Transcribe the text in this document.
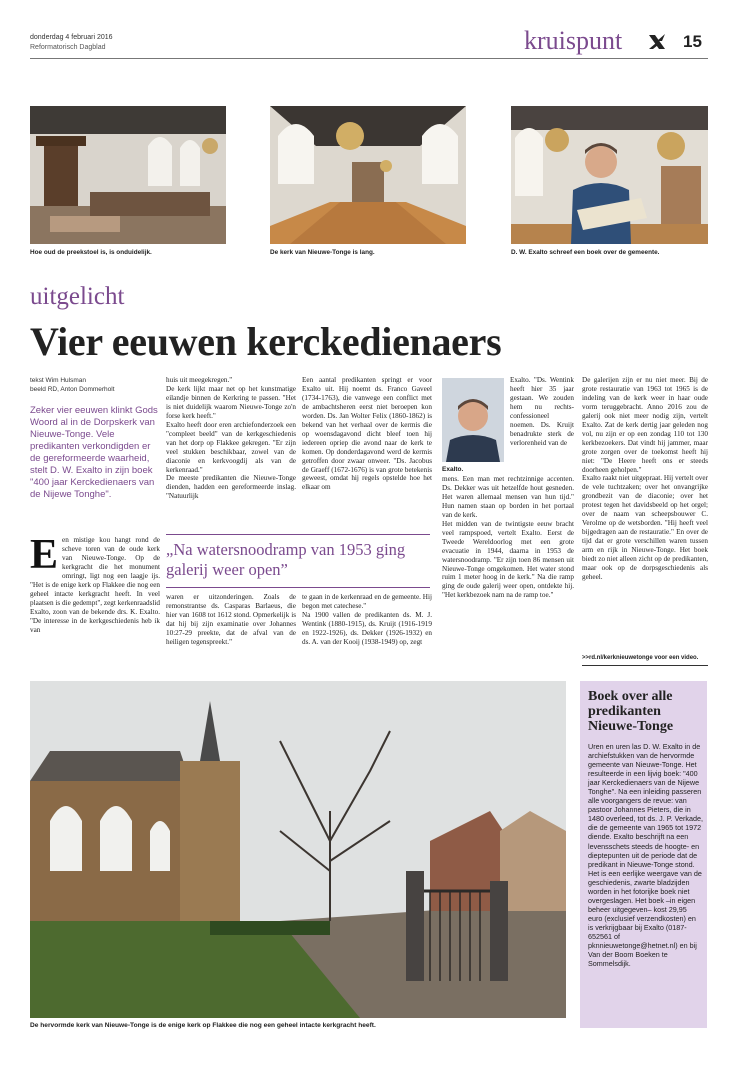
donderdag 4 februari 2016
Reformatorisch Dagblad	kruispunt	15
Hoe oud de preekstoel is, is onduidelijk.	De kerk van Nieuwe-Tonge is lang.	D. W. Exalto schreef een boek over de gemeente.
uitgelicht
Vier eeuwen kerckedienaers
tekst Wim Hulsman
beeld RD, Anton Dommerholt
Zeker vier eeuwen klinkt Gods Woord al in de Dorpskerk van Nieuwe-Tonge. Vele predikanten verkondigden er de gereformeerde waarheid, stelt D. W. Exalto in zijn boek "400 jaar Kerckedienaers van de Nijewe Tonghe".
E en mistige kou hangt rond de scheve toren van de oude kerk van Nieuwe-Tonge. Op de kerkgracht die het monument omringt, ligt nog een laagje ijs. "Het is de enige kerk op Flakkee die nog een geheel intacte kerkgracht heeft. In veel plaatsen is die gedempt", zegt kerkenraadslid Exalto, zoon van de bekende drs. K. Exalto. "De interesse in de kerkgeschiedenis heb ik van
huis uit meegekregen."
De kerk lijkt maar net op het kunstmatige eilandje binnen de Kerkring te passen. "Het is niet duidelijk waarom Nieuwe-Tonge zo'n forse kerk heeft."
Exalto heeft door eren archiefonderzoek een "compleet beeld" van de kerkgeschiedenis van het dorp op Flakkee gekregen. "Er zijn veel stukken beschikbaar, zowel van de diaconie en kerkvoogdij als van de kerkenraad."
De meeste predikanten die Nieuwe-Tonge dienden, hadden een gereformeerde inslag. "Natuurlijk
Een aantal predikanten springt er voor Exalto uit. Hij noemt ds. Franco Gaveel (1734-1763), die vanwege een conflict met de ambachtsheren eerst niet beroepen kon worden. Ds. Jan Wolter Felix (1860-1862) is bekend van het verhaal over de kermis die op woensdagavond dicht bleef toen hij iedereen opriep die avond naar de kerk te komen. Op donderdagavond werd de kermis getroffen door zwaar onweer. "Ds. Jacobus de Graeff (1672-1676) is van grote betekenis geweest, omdat hij regels opstelde hoe het elkaar om
„Na watersnoodramp van 1953 ging galerij weer open”
waren er uitzonderingen. Zoals de remonstrantse ds. Casparas Barlaeus, die hier van 1608 tot 1612 stond. Opmerkelijk is dat hij bij zijn examinatie over Johannes 10:27-29 preekte, dat de afval van de heiligen tegenspreekt."
te gaan in de kerkenraad en de gemeente. Hij begon met catechese."
Na 1900 vallen de predikanten ds. M. J. Wentink (1880-1915), ds. Kruijt (1916-1919 en 1922-1926), ds. Dekker (1926-1932) en ds. A. van der Kooij (1938-1949) op, zegt
Exalto.
Exalto. "Ds. Wentink heeft hier 35 jaar gestaan. We zouden hem nu rechts-confessioneel noemen. Ds. Kruijt benadrukte sterk de verlorenheid van de
mens. Een man met rechtzinnige accenten. Ds. Dekker was uit hetzelfde hout gesneden. Het waren allemaal mensen van hun tijd." Hun namen staan op borden in het portaal van de kerk.
Het midden van de twintigste eeuw bracht veel rampspoed, vertelt Exalto. Eerst de Tweede Wereldoorlog met een grote evacuatie in 1944, daarna in 1953 de watersnoodramp. "Er zijn toen 86 mensen uit Nieuwe-Tonge omgekomen. Het water stond ruim 1 meter hoog in de kerk." Na die ramp ging de oude galerij weer open, ontdekte hij. "Het kerkbezoek nam na de ramp toe."
De galerijen zijn er nu niet meer. Bij de grote restauratie van 1963 tot 1965 is de indeling van de kerk weer in haar oude vorm teruggebracht. Anno 2016 zou de galerij ook niet meer nodig zijn, vertelt Exalto. Zat de kerk dertig jaar geleden nog vol, nu zijn er op een zondag 110 tot 130 kerkbezoekers. Dat vindt hij jammer, maar grote zorgen over de toekomst heeft hij niet: "De Heere heeft ons er steeds doorheen geholpen."
Exalto raakt niet uitgepraat. Hij vertelt over de vele tuchtzaken; over het onvangrijke grondbezit van de diaconie; over het protest tegen het davidsbeeld op het orgel; over de naam van scheepsbouwer C. Verolme op de wetsborden. "Hij heeft veel bijgedragen aan de restauratie." En over de tijd dat er grote verschillen waren tussen arm en rijk in Nieuwe-Tonge. Het boek biedt zo niet alleen zicht op de predikanten, maar ook op de dorpsgeschiedenis als geheel.
>>rd.nl/kerknieuwetonge voor een video.
De hervormde kerk van Nieuwe-Tonge is de enige kerk op Flakkee die nog een geheel intacte kerkgracht heeft.
Boek over alle predikanten Nieuwe-Tonge
Uren en uren las D. W. Exalto in de archiefstukken van de hervormde gemeente van Nieuwe-Tonge. Het resulteerde in een lijvig boek: "400 jaar Kerckedienaers van de Nijewe Tonghe". Na een inleiding passeren alle voorgangers de revue: van pastoor Johannes Pieters, die in 1480 overleed, tot ds. J. P. Verkade, die de gemeente van 1965 tot 1972 diende. Exalto beschrijft na een levensschets steeds de hoogte- en dieptepunten uit de periode dat de predikant in Nieuwe-Tonge stond. Het is een eerlijke weergave van de geschiedenis, zwarte bladzijden worden in het fotorijke boek niet overgeslagen. Het boek –in eigen beheer uitgegeven– kost 29,95 euro (exclusief verzendkosten) en is verkrijgbaar bij Exalto (0187-652561 of pknnieuwetonge@hetnet.nl) en bij Van der Boom Boeken te Sommelsdijk.
